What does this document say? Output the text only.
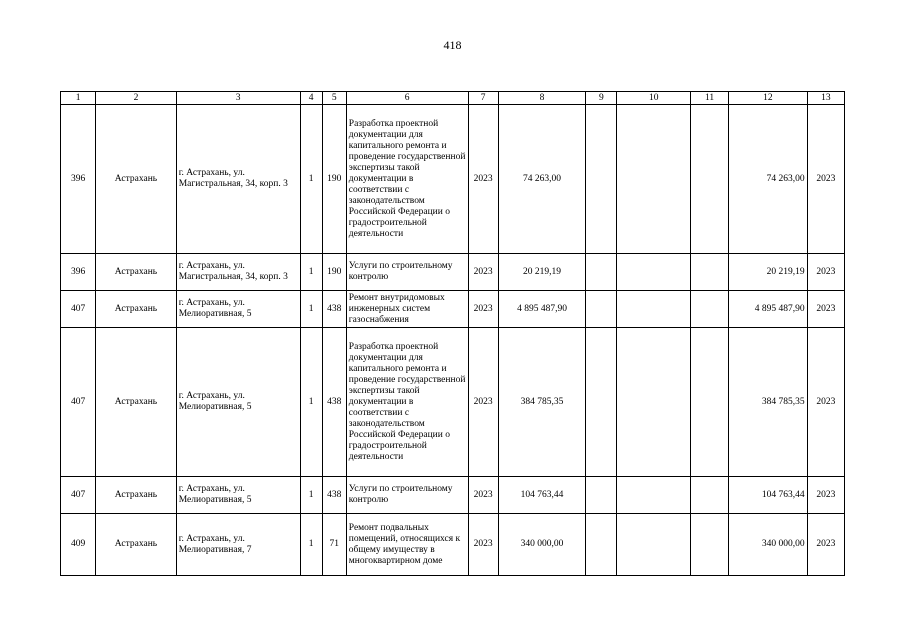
418
1	2	3	4	5	6	7	8	9	10	11	12	13
396	Астрахань	г. Астрахань, ул. Магистральная, 34, корп. 3	1	190	Разработка проектной документации для капитального ремонта и проведение государственной экспертизы такой документации в соответствии с законодательством Российской Федерации о градостроительной деятельности	2023	74 263,00				74 263,00	2023
396	Астрахань	г. Астрахань, ул. Магистральная, 34, корп. 3	1	190	Услуги по строительному контролю	2023	20 219,19				20 219,19	2023
407	Астрахань	г. Астрахань, ул. Мелиоративная, 5	1	438	Ремонт внутридомовых инженерных систем газоснабжения	2023	4 895 487,90				4 895 487,90	2023
407	Астрахань	г. Астрахань, ул. Мелиоративная, 5	1	438	Разработка проектной документации для капитального ремонта и проведение государственной экспертизы такой документации в соответствии с законодательством Российской Федерации о градостроительной деятельности	2023	384 785,35				384 785,35	2023
407	Астрахань	г. Астрахань, ул. Мелиоративная, 5	1	438	Услуги по строительному контролю	2023	104 763,44				104 763,44	2023
409	Астрахань	г. Астрахань, ул. Мелиоративная, 7	1	71	Ремонт подвальных помещений, относящихся к общему имуществу в многоквартирном доме	2023	340 000,00				340 000,00	2023
